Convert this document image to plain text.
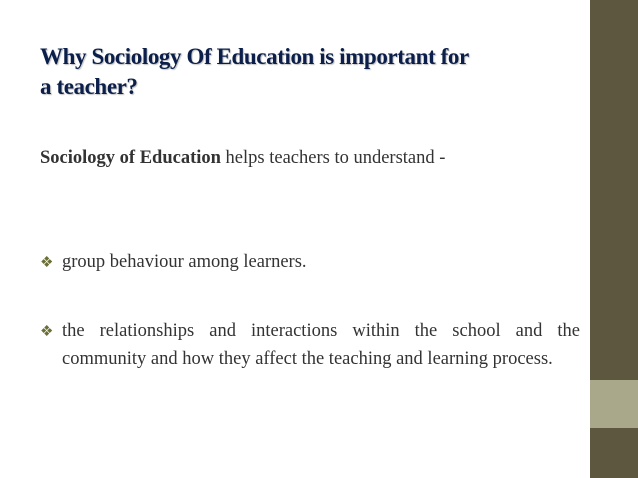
Why Sociology Of Education is important for
a teacher?
Sociology of Education helps teachers to understand -
❖ group behaviour among learners.
❖ the relationships and interactions within the school and the community and how they affect the teaching and learning process.
